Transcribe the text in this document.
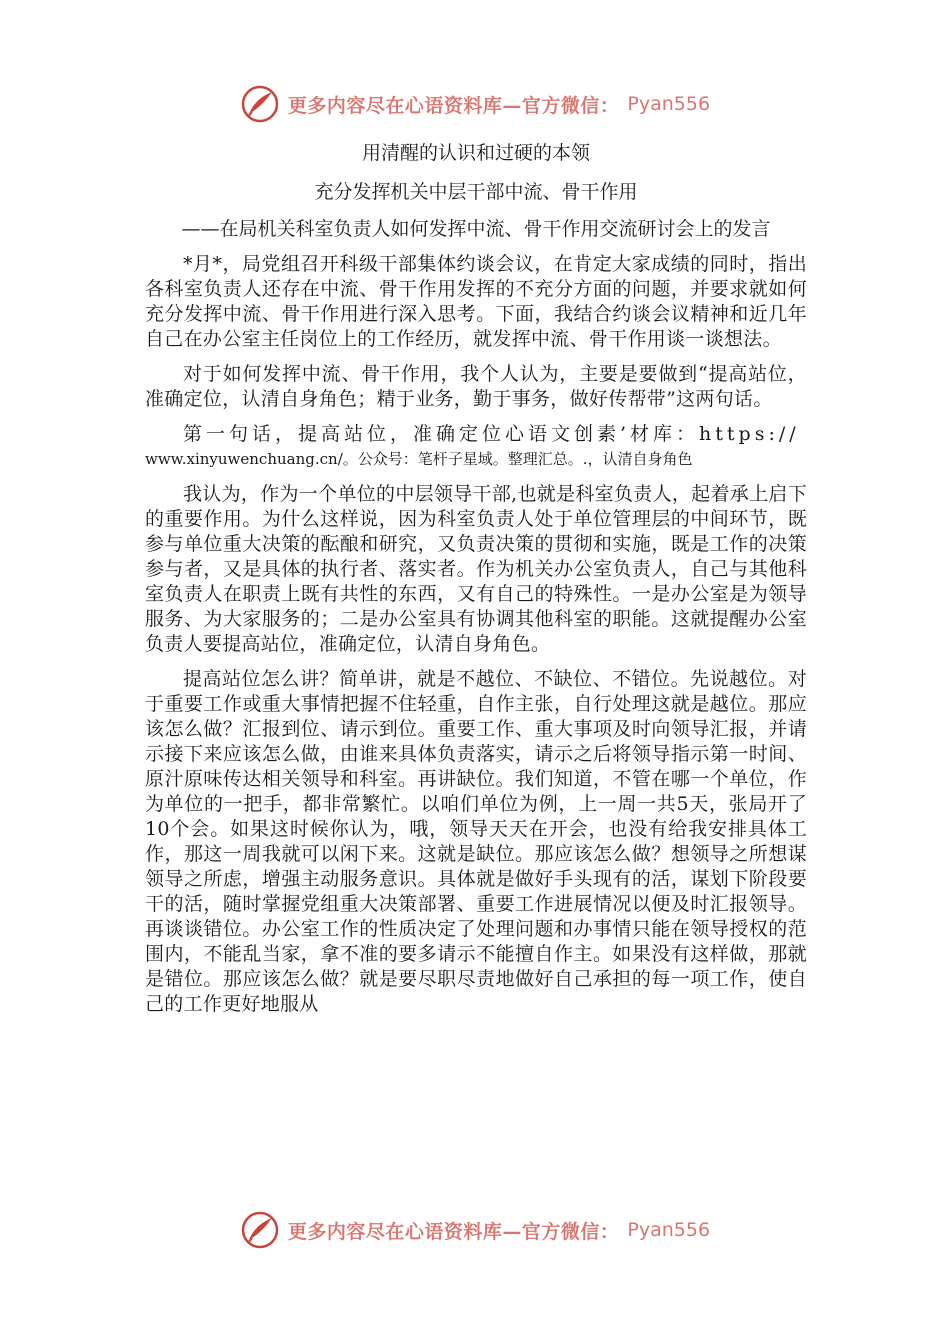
更多内容尽在心语资料库—官方微信： Pyan556
用清醒的认识和过硬的本领
充分发挥机关中层干部中流、骨干作用
——在局机关科室负责人如何发挥中流、骨干作用交流研讨会上的发言

*月*，局党组召开科级干部集体约谈会议，在肯定大家成绩的同时，指出各科室负责人还存在中流、骨干作用发挥的不充分方面的问题，并要求就如何充分发挥中流、骨干作用进行深入思考。下面，我结合约谈会议精神和近几年自己在办公室主任岗位上的工作经历，就发挥中流、骨干作用谈一谈想法。

对于如何发挥中流、骨干作用，我个人认为，主要是要做到“提高站位，准确定位，认清自身角色；精于业务，勤于事务，做好传帮带”这两句话。

第一句话，提高站位，准确定位心语文创素’材库：https://

www.xinyuwenchuang.cn/。公众号：笔杆子星域。整理汇总。.，认清自身角色

我认为，作为一个单位的中层领导干部,也就是科室负责人，起着承上启下的重要作用。为什么这样说，因为科室负责人处于单位管理层的中间环节，既参与单位重大决策的酝酿和研究，又负责决策的贯彻和实施，既是工作的决策参与者，又是具体的执行者、落实者。作为机关办公室负责人，自己与其他科室负责人在职责上既有共性的东西，又有自己的特殊性。一是办公室是为领导服务、为大家服务的；二是办公室具有协调其他科室的职能。这就提醒办公室负责人要提高站位，准确定位，认清自身角色。

提高站位怎么讲？简单讲，就是不越位、不缺位、不错位。先说越位。对于重要工作或重大事情把握不住轻重，自作主张，自行处理这就是越位。那应该怎么做？汇报到位、请示到位。重要工作、重大事项及时向领导汇报，并请示接下来应该怎么做，由谁来具体负责落实，请示之后将领导指示第一时间、原汁原味传达相关领导和科室。再讲缺位。我们知道，不管在哪一个单位，作为单位的一把手，都非常繁忙。以咱们单位为例，上一周一共5天，张局开了10个会。如果这时候你认为，哦，领导天天在开会，也没有给我安排具体工作，那这一周我就可以闲下来。这就是缺位。那应该怎么做？想领导之所想谋领导之所虑，增强主动服务意识。具体就是做好手头现有的活，谋划下阶段要干的活，随时掌握党组重大决策部署、重要工作进展情况以便及时汇报领导。再谈谈错位。办公室工作的性质决定了处理问题和办事情只能在领导授权的范围内，不能乱当家，拿不准的要多请示不能擅自作主。如果没有这样做，那就是错位。那应该怎么做？就是要尽职尽责地做好自己承担的每一项工作，使自己的工作更好地服从

更多内容尽在心语资料库—官方微信： Pyan556
